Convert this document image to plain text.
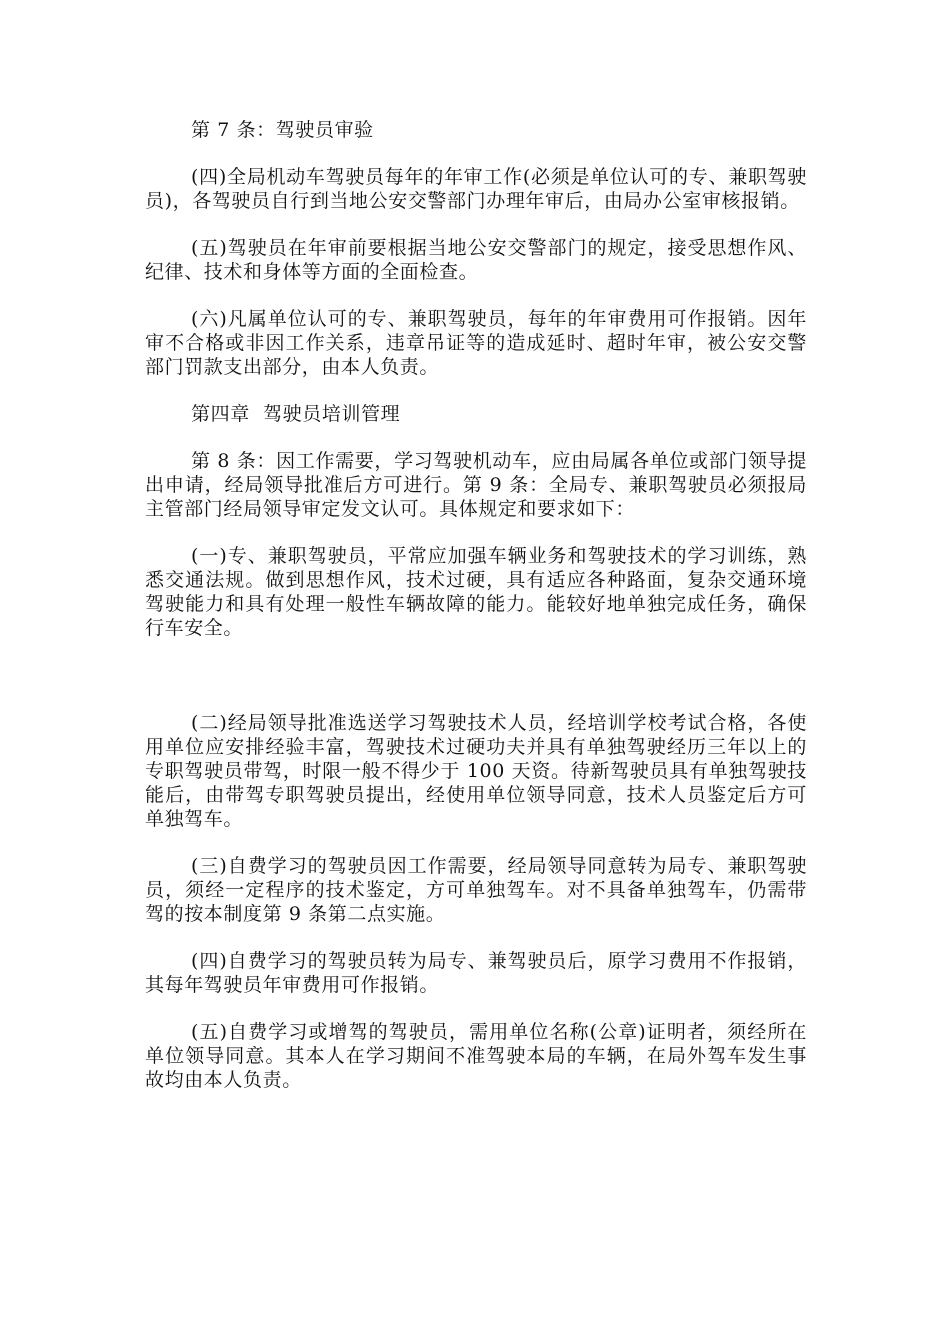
第 7 条：驾驶员审验

(四)全局机动车驾驶员每年的年审工作(必须是单位认可的专、兼职驾驶员)，各驾驶员自行到当地公安交警部门办理年审后，由局办公室审核报销。

(五)驾驶员在年审前要根据当地公安交警部门的规定，接受思想作风、纪律、技术和身体等方面的全面检查。

(六)凡属单位认可的专、兼职驾驶员，每年的年审费用可作报销。因年审不合格或非因工作关系，违章吊证等的造成延时、超时年审，被公安交警部门罚款支出部分，由本人负责。

第四章  驾驶员培训管理

第 8 条：因工作需要，学习驾驶机动车，应由局属各单位或部门领导提出申请，经局领导批准后方可进行。第 9 条：全局专、兼职驾驶员必须报局主管部门经局领导审定发文认可。具体规定和要求如下：

(一)专、兼职驾驶员，平常应加强车辆业务和驾驶技术的学习训练，熟悉交通法规。做到思想作风，技术过硬，具有适应各种路面，复杂交通环境驾驶能力和具有处理一般性车辆故障的能力。能较好地单独完成任务，确保行车安全。

(二)经局领导批准选送学习驾驶技术人员，经培训学校考试合格，各使用单位应安排经验丰富，驾驶技术过硬功夫并具有单独驾驶经历三年以上的专职驾驶员带驾，时限一般不得少于 100 天资。待新驾驶员具有单独驾驶技能后，由带驾专职驾驶员提出，经使用单位领导同意，技术人员鉴定后方可单独驾车。

(三)自费学习的驾驶员因工作需要，经局领导同意转为局专、兼职驾驶员，须经一定程序的技术鉴定，方可单独驾车。对不具备单独驾车，仍需带驾的按本制度第 9 条第二点实施。

(四)自费学习的驾驶员转为局专、兼驾驶员后，原学习费用不作报销，其每年驾驶员年审费用可作报销。

(五)自费学习或增驾的驾驶员，需用单位名称(公章)证明者，须经所在单位领导同意。其本人在学习期间不准驾驶本局的车辆，在局外驾车发生事故均由本人负责。
